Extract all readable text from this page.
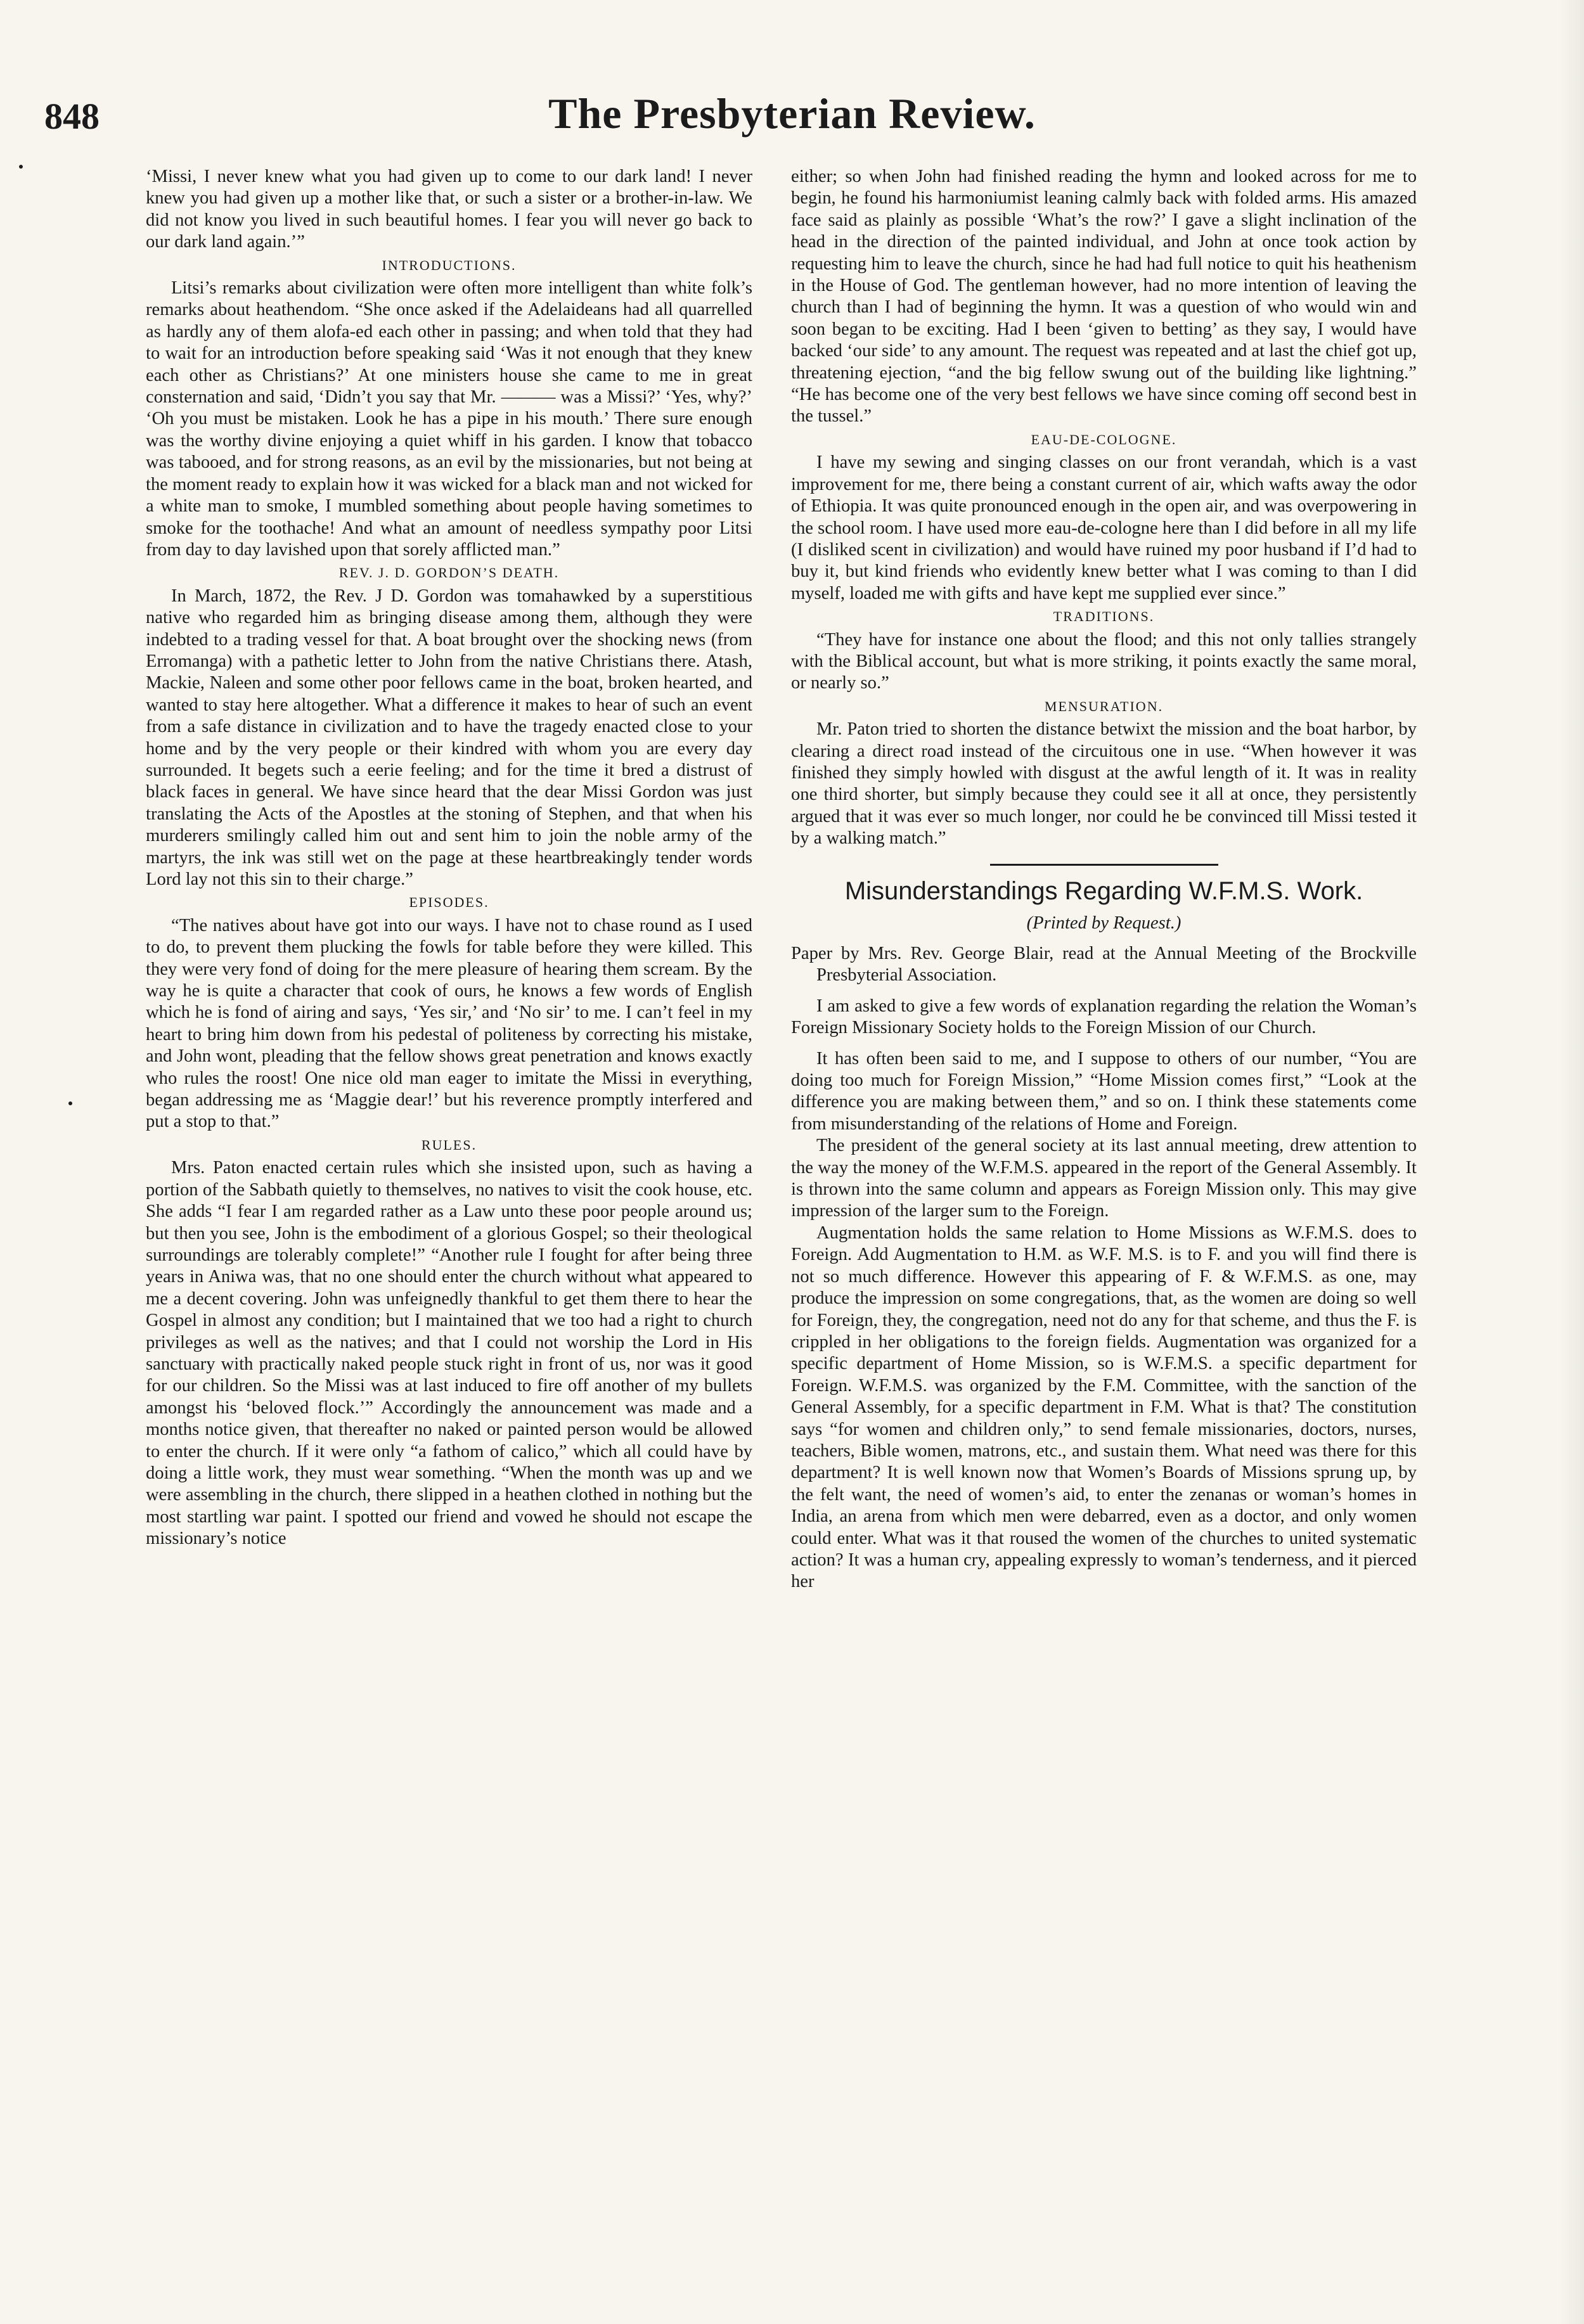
848	The Presbyterian Review.

‘Missi, I never knew what you had given up to come to our dark land! I never knew you had given up a mother like that, or such a sister or a brother-in-law. We did not know you lived in such beautiful homes. I fear you will never go back to our dark land again.’”

INTRODUCTIONS.

Litsi’s remarks about civilization were often more intelligent than white folk’s remarks about heathendom. “She once asked if the Adelaideans had all quarrelled as hardly any of them alofa-ed each other in passing; and when told that they had to wait for an introduction before speaking said ‘Was it not enough that they knew each other as Christians?’ At one ministers house she came to me in great consternation and said, ‘Didn’t you say that Mr. ——— was a Missi?’ ‘Yes, why?’ ‘Oh you must be mistaken. Look he has a pipe in his mouth.’ There sure enough was the worthy divine enjoying a quiet whiff in his garden. I know that tobacco was tabooed, and for strong reasons, as an evil by the missionaries, but not being at the moment ready to explain how it was wicked for a black man and not wicked for a white man to smoke, I mumbled something about people having sometimes to smoke for the toothache! And what an amount of needless sympathy poor Litsi from day to day lavished upon that sorely afflicted man.”

REV. J. D. GORDON’S DEATH.

In March, 1872, the Rev. J D. Gordon was tomahawked by a superstitious native who regarded him as bringing disease among them, although they were indebted to a trading vessel for that. A boat brought over the shocking news (from Erromanga) with a pathetic letter to John from the native Christians there. Atash, Mackie, Naleen and some other poor fellows came in the boat, broken hearted, and wanted to stay here altogether. What a difference it makes to hear of such an event from a safe distance in civilization and to have the tragedy enacted close to your home and by the very people or their kindred with whom you are every day surrounded. It begets such a eerie feeling; and for the time it bred a distrust of black faces in general. We have since heard that the dear Missi Gordon was just translating the Acts of the Apostles at the stoning of Stephen, and that when his murderers smilingly called him out and sent him to join the noble army of the martyrs, the ink was still wet on the page at these heartbreakingly tender words Lord lay not this sin to their charge.”

EPISODES.

“The natives about have got into our ways. I have not to chase round as I used to do, to prevent them plucking the fowls for table before they were killed. This they were very fond of doing for the mere pleasure of hearing them scream. By the way he is quite a character that cook of ours, he knows a few words of English which he is fond of airing and says, ‘Yes sir,’ and ‘No sir’ to me. I can’t feel in my heart to bring him down from his pedestal of politeness by correcting his mistake, and John wont, pleading that the fellow shows great penetration and knows exactly who rules the roost! One nice old man eager to imitate the Missi in everything, began addressing me as ‘Maggie dear!’ but his reverence promptly interfered and put a stop to that.”

RULES.

Mrs. Paton enacted certain rules which she insisted upon, such as having a portion of the Sabbath quietly to themselves, no natives to visit the cook house, etc. She adds “I fear I am regarded rather as a Law unto these poor people around us; but then you see, John is the embodiment of a glorious Gospel; so their theological surroundings are tolerably complete!” “Another rule I fought for after being three years in Aniwa was, that no one should enter the church without what appeared to me a decent covering. John was unfeignedly thankful to get them there to hear the Gospel in almost any condition; but I maintained that we too had a right to church privileges as well as the natives; and that I could not worship the Lord in His sanctuary with practically naked people stuck right in front of us, nor was it good for our children. So the Missi was at last induced to fire off another of my bullets amongst his ‘beloved flock.’” Accordingly the announcement was made and a months notice given, that thereafter no naked or painted person would be allowed to enter the church. If it were only “a fathom of calico,” which all could have by doing a little work, they must wear something. “When the month was up and we were assembling in the church, there slipped in a heathen clothed in nothing but the most startling war paint. I spotted our friend and vowed he should not escape the missionary’s notice

either; so when John had finished reading the hymn and looked across for me to begin, he found his harmoniumist leaning calmly back with folded arms. His amazed face said as plainly as possible ‘What’s the row?’ I gave a slight inclination of the head in the direction of the painted individual, and John at once took action by requesting him to leave the church, since he had had full notice to quit his heathenism in the House of God. The gentleman however, had no more intention of leaving the church than I had of beginning the hymn. It was a question of who would win and soon began to be exciting. Had I been ‘given to betting’ as they say, I would have backed ‘our side’ to any amount. The request was repeated and at last the chief got up, threatening ejection, “and the big fellow swung out of the building like lightning.” “He has become one of the very best fellows we have since coming off second best in the tussel.”

EAU-DE-COLOGNE.

I have my sewing and singing classes on our front verandah, which is a vast improvement for me, there being a constant current of air, which wafts away the odor of Ethiopia. It was quite pronounced enough in the open air, and was overpowering in the school room. I have used more eau-de-cologne here than I did before in all my life (I disliked scent in civilization) and would have ruined my poor husband if I’d had to buy it, but kind friends who evidently knew better what I was coming to than I did myself, loaded me with gifts and have kept me supplied ever since.”

TRADITIONS.

“They have for instance one about the flood; and this not only tallies strangely with the Biblical account, but what is more striking, it points exactly the same moral, or nearly so.”

MENSURATION.

Mr. Paton tried to shorten the distance betwixt the mission and the boat harbor, by clearing a direct road instead of the circuitous one in use. “When however it was finished they simply howled with disgust at the awful length of it. It was in reality one third shorter, but simply because they could see it all at once, they persistently argued that it was ever so much longer, nor could he be convinced till Missi tested it by a walking match.”

Misunderstandings Regarding W.F.M.S. Work.
(Printed by Request.)

Paper by Mrs. Rev. George Blair, read at the Annual Meeting of the Brockville Presbyterial Association.

I am asked to give a few words of explanation regarding the relation the Woman’s Foreign Missionary Society holds to the Foreign Mission of our Church.

It has often been said to me, and I suppose to others of our number, “You are doing too much for Foreign Mission,” “Home Mission comes first,” “Look at the difference you are making between them,” and so on. I think these statements come from misunderstanding of the relations of Home and Foreign.

The president of the general society at its last annual meeting, drew attention to the way the money of the W.F.M.S. appeared in the report of the General Assembly. It is thrown into the same column and appears as Foreign Mission only. This may give impression of the larger sum to the Foreign.

Augmentation holds the same relation to Home Missions as W.F.M.S. does to Foreign. Add Augmentation to H.M. as W.F. M.S. is to F. and you will find there is not so much difference. However this appearing of F. & W.F.M.S. as one, may produce the impression on some congregations, that, as the women are doing so well for Foreign, they, the congregation, need not do any for that scheme, and thus the F. is crippled in her obligations to the foreign fields. Augmentation was organized for a specific department of Home Mission, so is W.F.M.S. a specific department for Foreign. W.F.M.S. was organized by the F.M. Committee, with the sanction of the General Assembly, for a specific department in F.M. What is that? The constitution says “for women and children only,” to send female missionaries, doctors, nurses, teachers, Bible women, matrons, etc., and sustain them. What need was there for this department? It is well known now that Women’s Boards of Missions sprung up, by the felt want, the need of women’s aid, to enter the zenanas or woman’s homes in India, an arena from which men were debarred, even as a doctor, and only women could enter. What was it that roused the women of the churches to united systematic action? It was a human cry, appealing expressly to woman’s tenderness, and it pierced her
